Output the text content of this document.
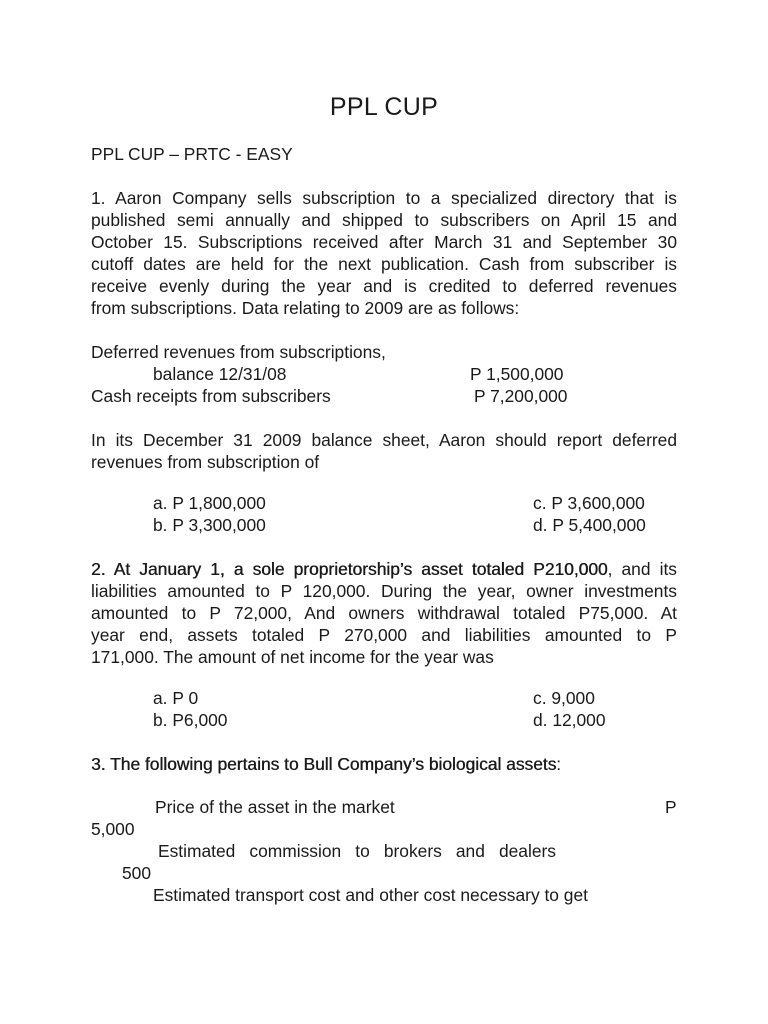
PPL CUP
PPL CUP – PRTC - EASY
1. Aaron Company sells subscription to a specialized directory that is
published semi annually and shipped to subscribers on April 15 and
October 15. Subscriptions received after March 31 and September 30
cutoff dates are held for the next publication. Cash from subscriber is
receive evenly during the year and is credited to deferred revenues
from subscriptions. Data relating to 2009 are as follows:
Deferred revenues from subscriptions,
balance 12/31/08	P 1,500,000
Cash receipts from subscribers	P 7,200,000
In its December 31 2009 balance sheet, Aaron should report deferred
revenues from subscription of
a. P 1,800,000	c. P 3,600,000
b. P 3,300,000	d. P 5,400,000
2. At January 1, a sole proprietorship’s asset totaled P210,000, and its
liabilities amounted to P 120,000. During the year, owner investments
amounted to P 72,000, And owners withdrawal totaled P75,000. At
year end, assets totaled P 270,000 and liabilities amounted to P
171,000. The amount of net income for the year was
a. P 0	c. 9,000
b. P6,000	d. 12,000
3. The following pertains to Bull Company’s biological assets:
Price of the asset in the market	P
5,000
Estimated commission to brokers and dealers
500
Estimated transport cost and other cost necessary to get
